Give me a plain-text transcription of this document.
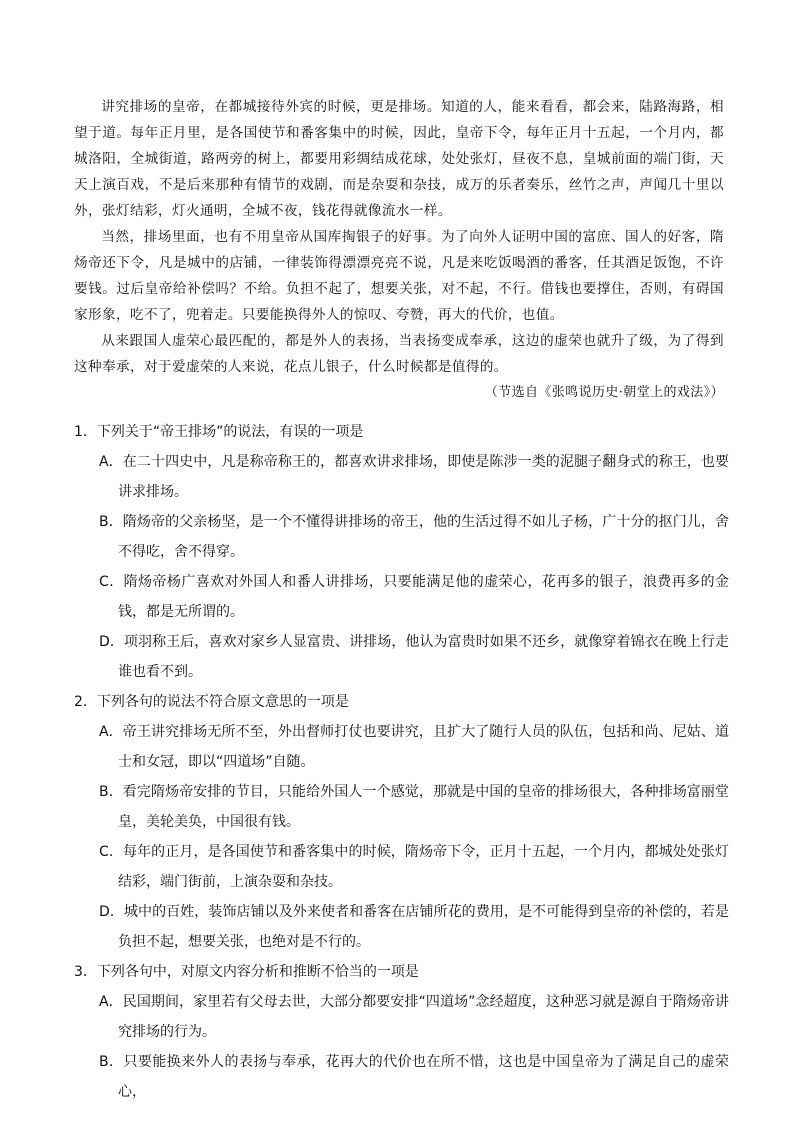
讲究排场的皇帝，在都城接待外宾的时候，更是排场。知道的人，能来看看，都会来，陆路海路，相望于道。每年正月里，是各国使节和番客集中的时候，因此，皇帝下令，每年正月十五起，一个月内，都城洛阳，全城街道，路两旁的树上，都要用彩绸结成花球，处处张灯，昼夜不息，皇城前面的端门街，天天上演百戏，不是后来那种有情节的戏剧，而是杂耍和杂技，成万的乐者奏乐，丝竹之声，声闻几十里以外，张灯结彩，灯火通明，全城不夜，钱花得就像流水一样。

当然，排场里面，也有不用皇帝从国库掏银子的好事。为了向外人证明中国的富庶、国人的好客，隋炀帝还下令，凡是城中的店铺，一律装饰得漂漂亮亮不说，凡是来吃饭喝酒的番客，任其酒足饭饱，不许要钱。过后皇帝给补偿吗？不给。负担不起了，想要关张，对不起，不行。借钱也要撑住，否则，有碍国家形象，吃不了，兜着走。只要能换得外人的惊叹、夸赞，再大的代价，也值。

从来跟国人虚荣心最匹配的，都是外人的表扬，当表扬变成奉承，这边的虚荣也就升了级，为了得到这种奉承，对于爱虚荣的人来说，花点儿银子，什么时候都是值得的。

（节选自《张鸣说历史·朝堂上的戏法》）

1．下列关于“帝王排场”的说法，有误的一项是

A．在二十四史中，凡是称帝称王的，都喜欢讲求排场，即使是陈涉一类的泥腿子翻身式的称王，也要讲求排场。

B．隋炀帝的父亲杨坚，是一个不懂得讲排场的帝王，他的生活过得不如儿子杨，广十分的抠门儿，舍不得吃，舍不得穿。

C．隋炀帝杨广喜欢对外国人和番人讲排场，只要能满足他的虚荣心，花再多的银子，浪费再多的金钱，都是无所谓的。

D．项羽称王后，喜欢对家乡人显富贵、讲排场，他认为富贵时如果不还乡，就像穿着锦衣在晚上行走谁也看不到。

2．下列各句的说法不符合原文意思的一项是

A．帝王讲究排场无所不至，外出督师打仗也要讲究，且扩大了随行人员的队伍，包括和尚、尼姑、道士和女冠，即以“四道场”自随。

B．看完隋炀帝安排的节目，只能给外国人一个感觉，那就是中国的皇帝的排场很大，各种排场富丽堂皇，美轮美奂，中国很有钱。

C．每年的正月，是各国使节和番客集中的时候，隋炀帝下令，正月十五起，一个月内，都城处处张灯结彩，端门街前，上演杂耍和杂技。

D．城中的百姓，装饰店铺以及外来使者和番客在店铺所花的费用，是不可能得到皇帝的补偿的，若是负担不起，想要关张，也绝对是不行的。

3．下列各句中，对原文内容分析和推断不恰当的一项是

A．民国期间，家里若有父母去世，大部分都要安排“四道场”念经超度，这种恶习就是源自于隋炀帝讲究排场的行为。

B．只要能换来外人的表扬与奉承，花再大的代价也在所不惜，这也是中国皇帝为了满足自己的虚荣心，
